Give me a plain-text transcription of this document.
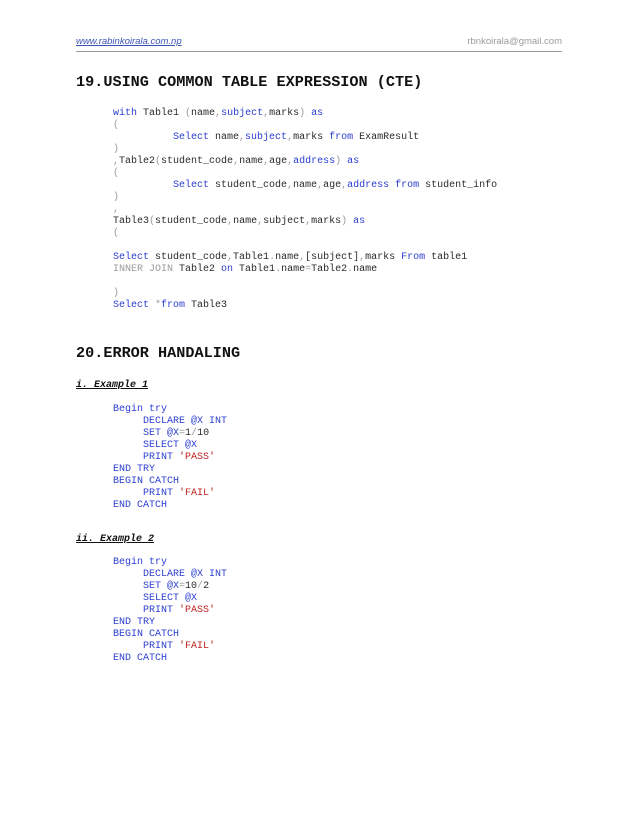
www.rabinkoirala.com.np	rbnkoirala@gmail.com
19.USING COMMON TABLE EXPRESSION (CTE)
with Table1 (name,subject,marks) as
(
Select name,subject,marks from ExamResult
)
,Table2(student_code,name,age,address) as
(
Select student_code,name,age,address from student_info
)
,
Table3(student_code,name,subject,marks) as
(
Select student_code,Table1.name,[subject],marks From table1
INNER JOIN Table2 on Table1.name=Table2.name
)
Select *from Table3
20.ERROR HANDALING
i. Example 1
Begin try
DECLARE @X INT
SET @X=1/10
SELECT @X
PRINT 'PASS'
END TRY
BEGIN CATCH
PRINT 'FAIL'
END CATCH
ii. Example 2
Begin try
DECLARE @X INT
SET @X=10/2
SELECT @X
PRINT 'PASS'
END TRY
BEGIN CATCH
PRINT 'FAIL'
END CATCH
